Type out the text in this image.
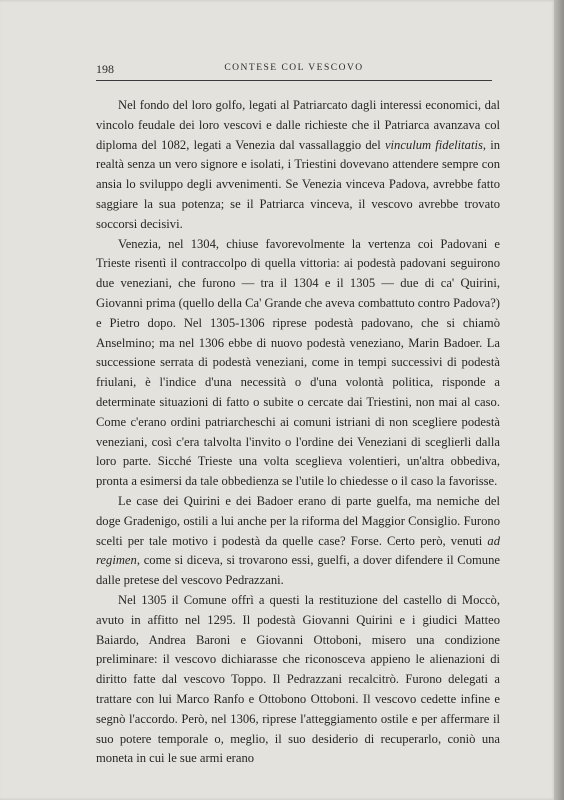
198	CONTESE COL VESCOVO

Nel fondo del loro golfo, legati al Patriarcato dagli interessi economici, dal vincolo feudale dei loro vescovi e dalle richieste che il Patriarca avanzava col diploma del 1082, legati a Venezia dal vassallaggio del vinculum fidelitatis, in realtà senza un vero signore e isolati, i Triestini dovevano attendere sempre con ansia lo sviluppo degli avvenimenti. Se Venezia vinceva Padova, avrebbe fatto saggiare la sua potenza; se il Patriarca vinceva, il vescovo avrebbe trovato soccorsi decisivi.

Venezia, nel 1304, chiuse favorevolmente la vertenza coi Padovani e Trieste risentì il contraccolpo di quella vittoria: ai podestà padovani seguirono due veneziani, che furono — tra il 1304 e il 1305 — due di ca' Quirini, Giovanni prima (quello della Ca' Grande che aveva combattuto contro Padova?) e Pietro dopo. Nel 1305-1306 riprese podestà padovano, che si chiamò Anselmino; ma nel 1306 ebbe di nuovo podestà veneziano, Marin Badoer. La successione serrata di podestà veneziani, come in tempi successivi di podestà friulani, è l'indice d'una necessità o d'una volontà politica, risponde a determinate situazioni di fatto o subite o cercate dai Triestini, non mai al caso. Come c'erano ordini patriarcheschi ai comuni istriani di non scegliere podestà veneziani, così c'era talvolta l'invito o l'ordine dei Veneziani di sceglierli dalla loro parte. Sicché Trieste una volta sceglieva volentieri, un'altra obbediva, pronta a esimersi da tale obbedienza se l'utile lo chiedesse o il caso la favorisse.

Le case dei Quirini e dei Badoer erano di parte guelfa, ma nemiche del doge Gradenigo, ostili a lui anche per la riforma del Maggior Consiglio. Furono scelti per tale motivo i podestà da quelle case? Forse. Certo però, venuti ad regimen, come si diceva, si trovarono essi, guelfi, a dover difendere il Comune dalle pretese del vescovo Pedrazzani.

Nel 1305 il Comune offrì a questi la restituzione del castello di Moccò, avuto in affitto nel 1295. Il podestà Giovanni Quirini e i giudici Matteo Baiardo, Andrea Baroni e Giovanni Ottoboni, misero una condizione preliminare: il vescovo dichiarasse che riconosceva appieno le alienazioni di diritto fatte dal vescovo Toppo. Il Pedrazzani recalcitrò. Furono delegati a trattare con lui Marco Ranfo e Ottobono Ottoboni. Il vescovo cedette infine e segnò l'accordo. Però, nel 1306, riprese l'atteggiamento ostile e per affermare il suo potere temporale o, meglio, il suo desiderio di recuperarlo, coniò una moneta in cui le sue armi erano
